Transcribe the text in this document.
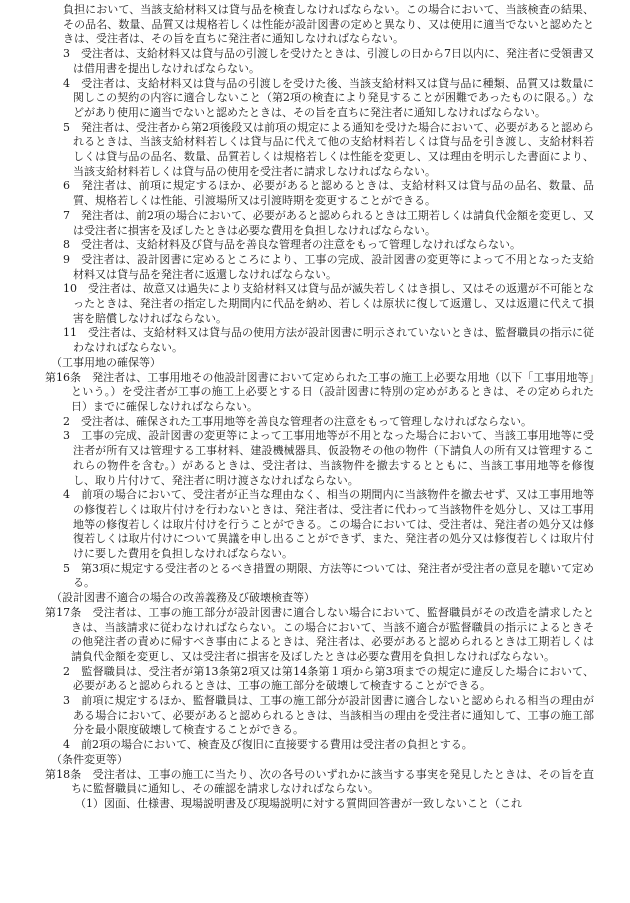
負担において、当該支給材料又は貸与品を検査しなければならない。この場合において、当該検査の結果、その品名、数量、品質又は規格若しくは性能が設計図書の定めと異なり、又は使用に適当でないと認めたときは、受注者は、その旨を直ちに発注者に通知しなければならない。

3　受注者は、支給材料又は貸与品の引渡しを受けたときは、引渡しの日から7日以内に、発注者に受領書又は借用書を提出しなければならない。

4　受注者は、支給材料又は貸与品の引渡しを受けた後、当該支給材料又は貸与品に種類、品質又は数量に関しこの契約の内容に適合しないこと（第2項の検査により発見することが困難であったものに限る。）などがあり使用に適当でないと認めたときは、その旨を直ちに発注者に通知しなければならない。

5　発注者は、受注者から第2項後段又は前項の規定による通知を受けた場合において、必要があると認められるときは、当該支給材料若しくは貸与品に代えて他の支給材料若しくは貸与品を引き渡し、支給材料若しくは貸与品の品名、数量、品質若しくは規格若しくは性能を変更し、又は理由を明示した書面により、当該支給材料若しくは貸与品の使用を受注者に請求しなければならない。

6　発注者は、前項に規定するほか、必要があると認めるときは、支給材料又は貸与品の品名、数量、品質、規格若しくは性能、引渡場所又は引渡時期を変更することができる。

7　発注者は、前2項の場合において、必要があると認められるときは工期若しくは請負代金額を変更し、又は受注者に損害を及ぼしたときは必要な費用を負担しなければならない。

8　受注者は、支給材料及び貸与品を善良な管理者の注意をもって管理しなければならない。

9　受注者は、設計図書に定めるところにより、工事の完成、設計図書の変更等によって不用となった支給材料又は貸与品を発注者に返還しなければならない。

10　受注者は、故意又は過失により支給材料又は貸与品が滅失若しくはき損し、又はその返還が不可能となったときは、発注者の指定した期間内に代品を納め、若しくは原状に復して返還し、又は返還に代えて損害を賠償しなければならない。

11　受注者は、支給材料又は貸与品の使用方法が設計図書に明示されていないときは、監督職員の指示に従わなければならない。

（工事用地の確保等）

第16条　発注者は、工事用地その他設計図書において定められた工事の施工上必要な用地（以下「工事用地等」という。）を受注者が工事の施工上必要とする日（設計図書に特別の定めがあるときは、その定められた日）までに確保しなければならない。

2　受注者は、確保された工事用地等を善良な管理者の注意をもって管理しなければならない。

3　工事の完成、設計図書の変更等によって工事用地等が不用となった場合において、当該工事用地等に受注者が所有又は管理する工事材料、建設機械器具、仮設物その他の物件（下請負人の所有又は管理するこれらの物件を含む。）があるときは、受注者は、当該物件を撤去するとともに、当該工事用地等を修復し、取り片付けて、発注者に明け渡さなければならない。

4　前項の場合において、受注者が正当な理由なく、相当の期間内に当該物件を撤去せず、又は工事用地等の修復若しくは取片付けを行わないときは、発注者は、受注者に代わって当該物件を処分し、又は工事用地等の修復若しくは取片付けを行うことができる。この場合においては、受注者は、発注者の処分又は修復若しくは取片付けについて異議を申し出ることができず、また、発注者の処分又は修復若しくは取片付けに要した費用を負担しなければならない。

5　第3項に規定する受注者のとるべき措置の期限、方法等については、発注者が受注者の意見を聴いて定める。

（設計図書不適合の場合の改善義務及び破壊検査等）

第17条　受注者は、工事の施工部分が設計図書に適合しない場合において、監督職員がその改造を請求したときは、当該請求に従わなければならない。この場合において、当該不適合が監督職員の指示によるときその他発注者の責めに帰すべき事由によるときは、発注者は、必要があると認められるときは工期若しくは請負代金額を変更し、又は受注者に損害を及ぼしたときは必要な費用を負担しなければならない。

2　監督職員は、受注者が第13条第2項又は第14条第１項から第3項までの規定に違反した場合において、必要があると認められるときは、工事の施工部分を破壊して検査することができる。

3　前項に規定するほか、監督職員は、工事の施工部分が設計図書に適合しないと認められる相当の理由がある場合において、必要があると認められるときは、当該相当の理由を受注者に通知して、工事の施工部分を最小限度破壊して検査することができる。

4　前2項の場合において、検査及び復旧に直接要する費用は受注者の負担とする。

（条件変更等）

第18条　受注者は、工事の施工に当たり、次の各号のいずれかに該当する事実を発見したときは、その旨を直ちに監督職員に通知し、その確認を請求しなければならない。

（1）図面、仕様書、現場説明書及び現場説明に対する質問回答書が一致しないこと（これ
